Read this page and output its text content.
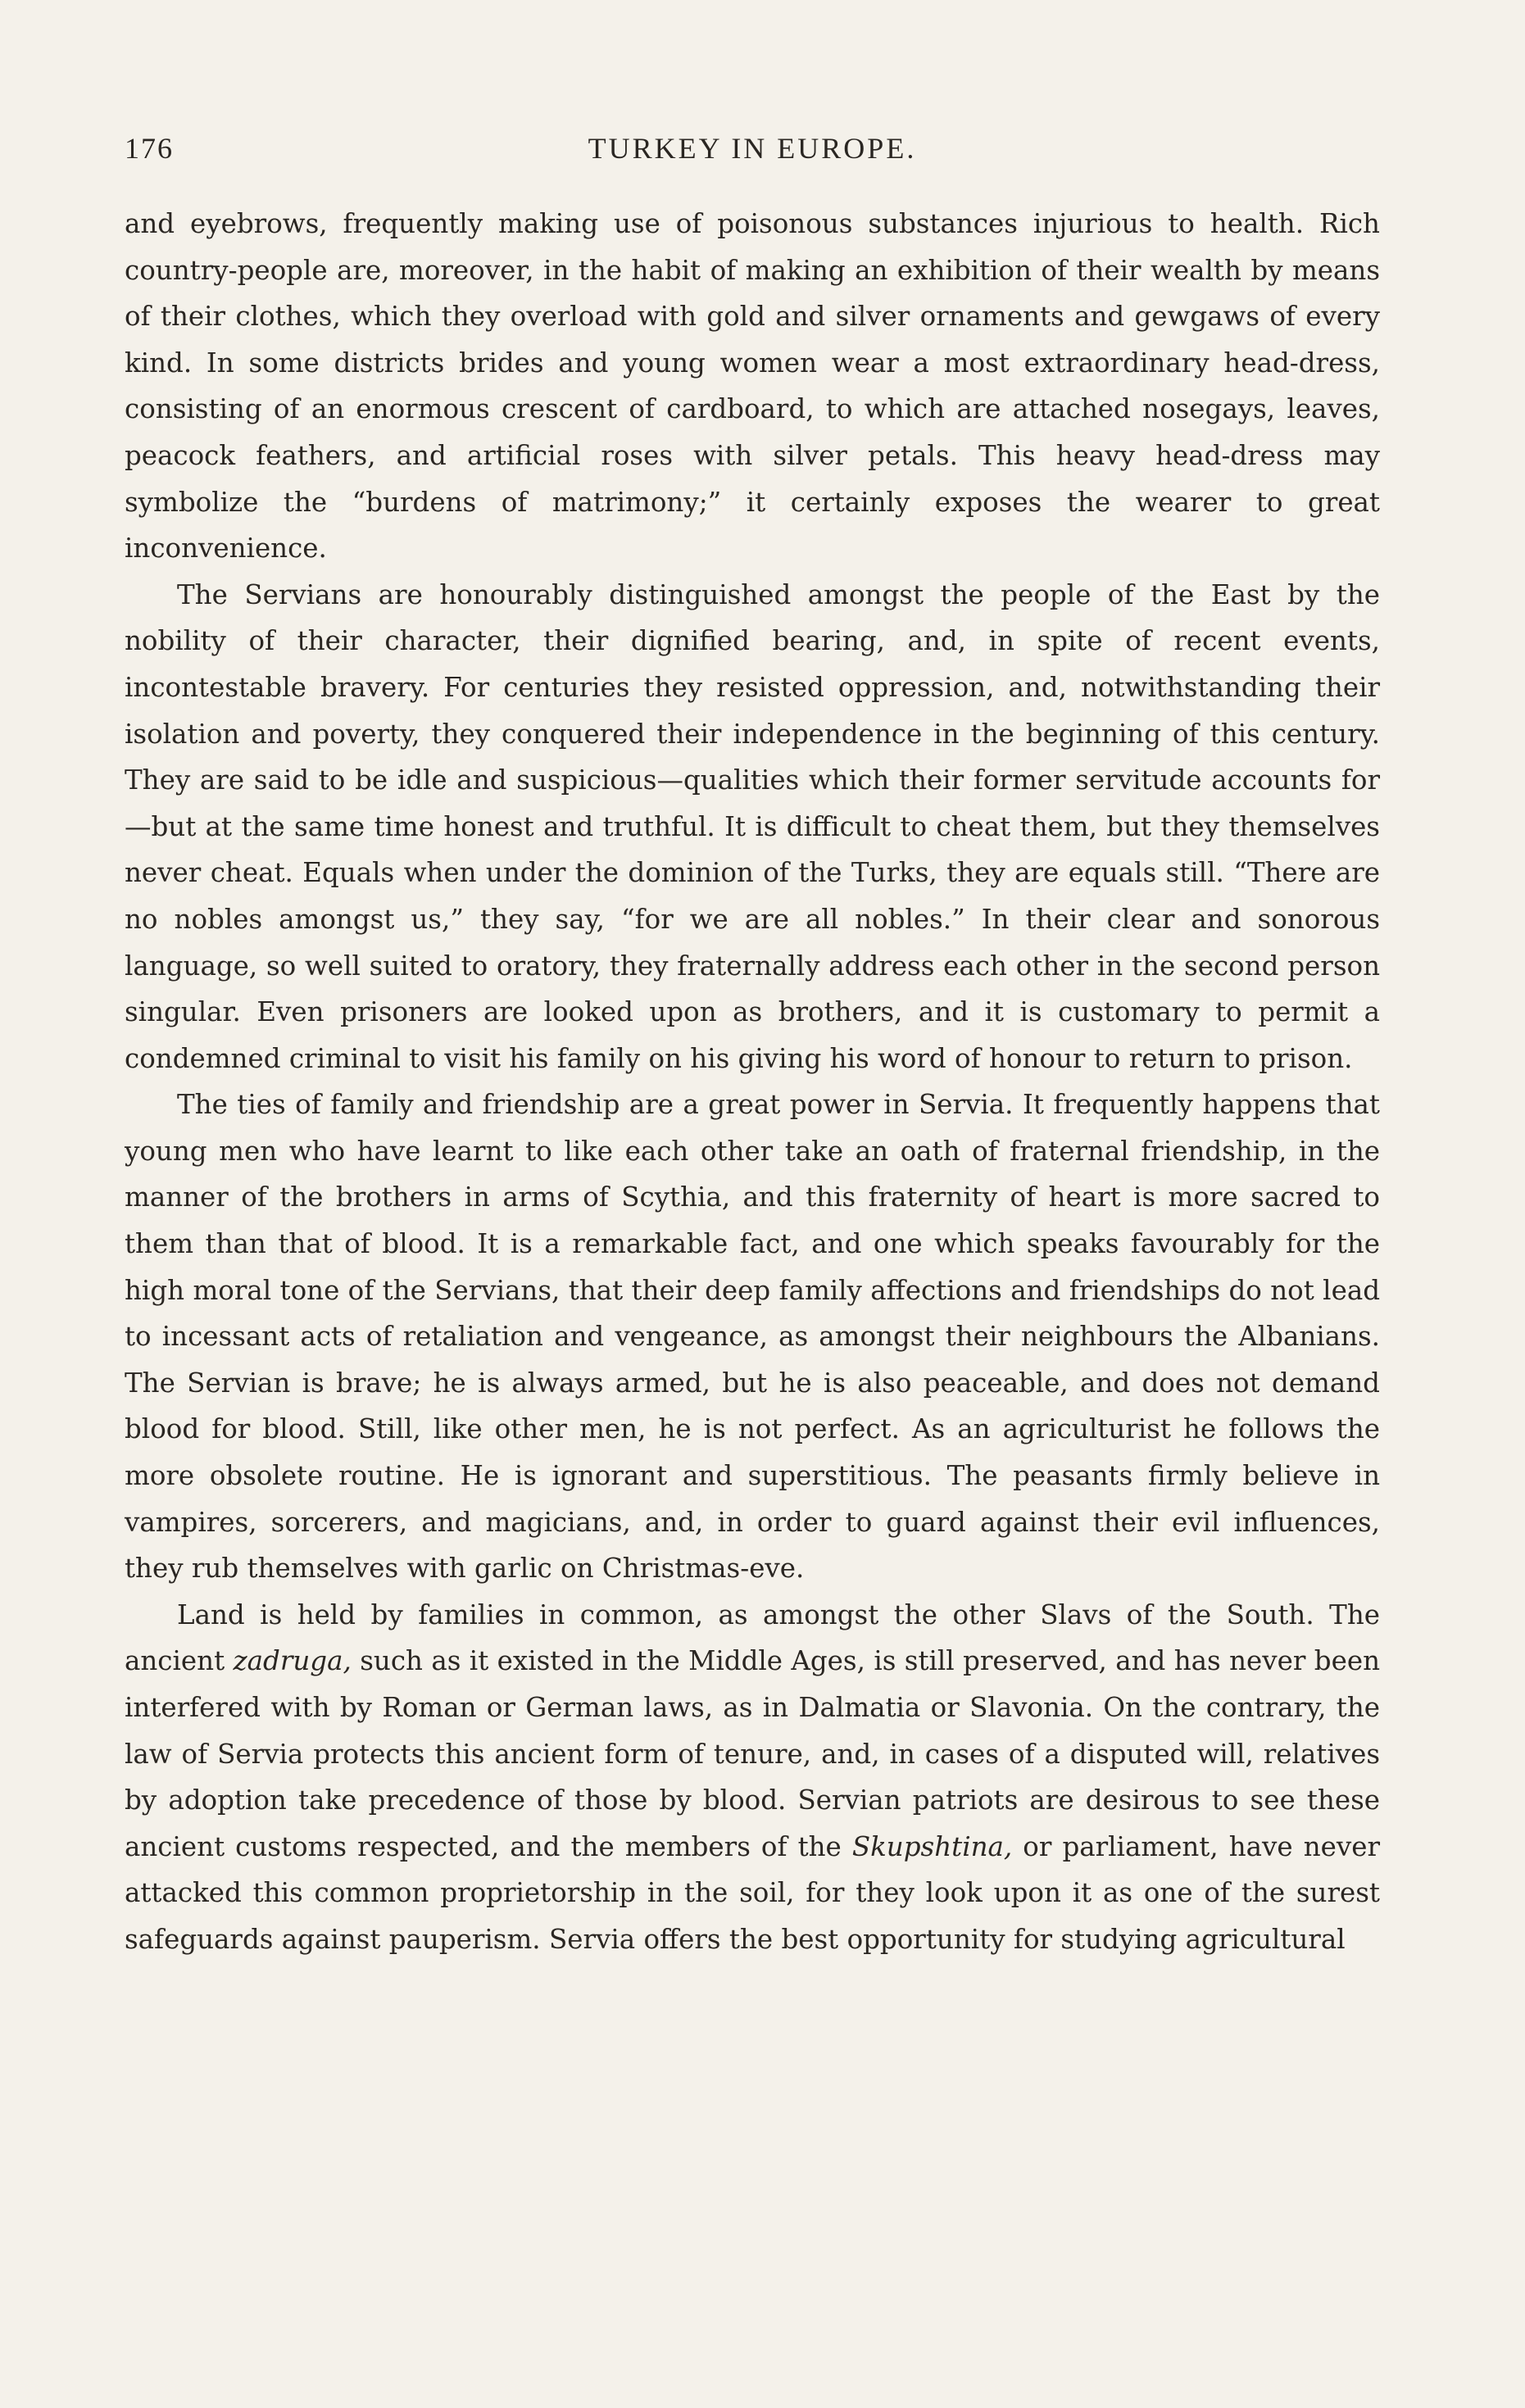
176	TURKEY IN EUROPE.

and eyebrows, frequently making use of poisonous substances injurious to health. Rich country-people are, moreover, in the habit of making an exhibition of their wealth by means of their clothes, which they overload with gold and silver ornaments and gewgaws of every kind. In some districts brides and young women wear a most extraordinary head-dress, consisting of an enormous crescent of cardboard, to which are attached nosegays, leaves, peacock feathers, and artificial roses with silver petals. This heavy head-dress may symbolize the “burdens of matrimony;” it certainly exposes the wearer to great inconvenience.

The Servians are honourably distinguished amongst the people of the East by the nobility of their character, their dignified bearing, and, in spite of recent events, incontestable bravery. For centuries they resisted oppression, and, notwithstanding their isolation and poverty, they conquered their independence in the beginning of this century. They are said to be idle and suspicious—qualities which their former servitude accounts for—but at the same time honest and truthful. It is difficult to cheat them, but they themselves never cheat. Equals when under the dominion of the Turks, they are equals still. “There are no nobles amongst us,” they say, “for we are all nobles.” In their clear and sonorous language, so well suited to oratory, they fraternally address each other in the second person singular. Even prisoners are looked upon as brothers, and it is customary to permit a condemned criminal to visit his family on his giving his word of honour to return to prison.

The ties of family and friendship are a great power in Servia. It frequently happens that young men who have learnt to like each other take an oath of fraternal friendship, in the manner of the brothers in arms of Scythia, and this fraternity of heart is more sacred to them than that of blood. It is a remarkable fact, and one which speaks favourably for the high moral tone of the Servians, that their deep family affections and friendships do not lead to incessant acts of retaliation and vengeance, as amongst their neighbours the Albanians. The Servian is brave; he is always armed, but he is also peaceable, and does not demand blood for blood. Still, like other men, he is not perfect. As an agriculturist he follows the more obsolete routine. He is ignorant and superstitious. The peasants firmly believe in vampires, sorcerers, and magicians, and, in order to guard against their evil influences, they rub themselves with garlic on Christmas-eve.

Land is held by families in common, as amongst the other Slavs of the South. The ancient zadruga, such as it existed in the Middle Ages, is still preserved, and has never been interfered with by Roman or German laws, as in Dalmatia or Slavonia. On the contrary, the law of Servia protects this ancient form of tenure, and, in cases of a disputed will, relatives by adoption take precedence of those by blood. Servian patriots are desirous to see these ancient customs respected, and the members of the Skupshtina, or parliament, have never attacked this common proprietorship in the soil, for they look upon it as one of the surest safeguards against pauperism. Servia offers the best opportunity for studying agricultural
